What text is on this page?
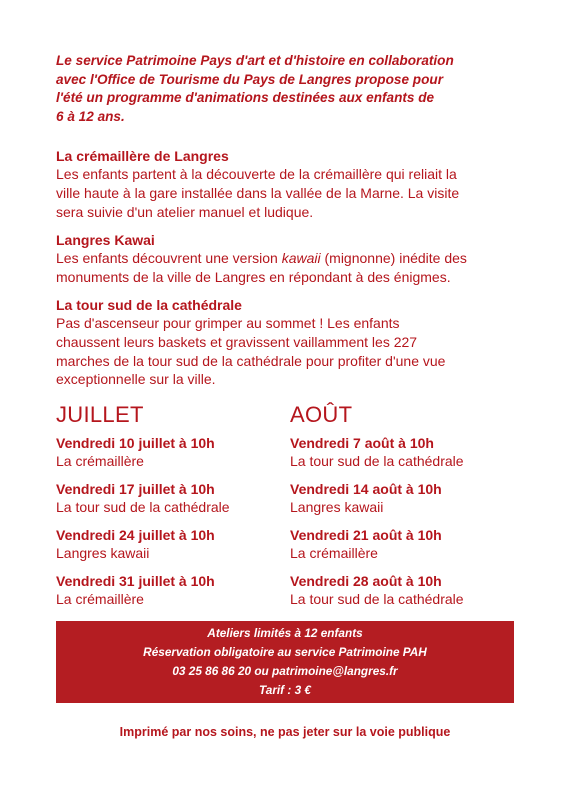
Le service Patrimoine Pays d'art et d'histoire en collaboration
avec l'Office de Tourisme du Pays de Langres propose pour
l'été un programme d'animations destinées aux enfants de
6 à 12 ans.
La crémaillère de Langres

Les enfants partent à la découverte de la crémaillère qui reliait la

ville haute à la gare installée dans la vallée de la Marne. La visite

sera suivie d'un atelier manuel et ludique.

Langres Kawai

Les enfants découvrent une version kawaii (mignonne) inédite des

monuments de la ville de Langres en répondant à des énigmes.

La tour sud de la cathédrale

Pas d'ascenseur pour grimper au sommet ! Les enfants

chaussent leurs baskets et gravissent vaillamment les 227

marches de la tour sud de la cathédrale pour profiter d'une vue

exceptionnelle sur la ville.

JUILLET	AOÛT
Vendredi 10 juillet à 10h
La crémaillère
Vendredi 17 juillet à 10h
La tour sud de la cathédrale
Vendredi 24 juillet à 10h
Langres kawaii
Vendredi 31 juillet à 10h
La crémaillère
Vendredi 7 août à 10h
La tour sud de la cathédrale
Vendredi 14 août à 10h
Langres kawaii
Vendredi 21 août à 10h
La crémaillère
Vendredi 28 août à 10h
La tour sud de la cathédrale
Ateliers limités à 12 enfants
Réservation obligatoire au service Patrimoine PAH
03 25 86 86 20 ou patrimoine@langres.fr
Tarif : 3 €
Imprimé par nos soins, ne pas jeter sur la voie publique
